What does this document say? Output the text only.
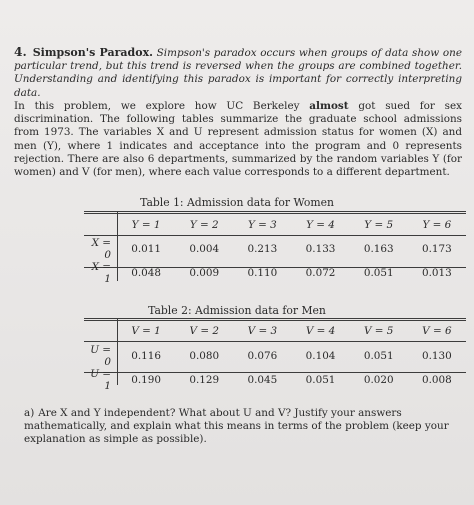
4. Simpson's Paradox. Simpson's paradox occurs when groups of data show one particular trend, but this trend is reversed when the groups are combined together. Understanding and identifying this paradox is important for correctly interpreting data.
In this problem, we explore how UC Berkeley almost got sued for sex discrimination. The following tables summarize the graduate school admissions from 1973. The variables X and U represent admission status for women (X) and men (Y), where 1 indicates and acceptance into the program and 0 represents rejection. There are also 6 departments, summarized by the random variables Y (for women) and V (for men), where each value corresponds to a different department.
Table 1: Admission data for Women
	Y = 1	Y = 2	Y = 3	Y = 4	Y = 5	Y = 6

X = 0	0.011	0.004	0.213	0.133	0.163	0.173
X = 1	0.048	0.009	0.110	0.072	0.051	0.013
Table 2: Admission data for Men
	V = 1	V = 2	V = 3	V = 4	V = 5	V = 6

U = 0	0.116	0.080	0.076	0.104	0.051	0.130
U = 1	0.190	0.129	0.045	0.051	0.020	0.008
a) Are X and Y independent? What about U and V? Justify your answers mathematically, and explain what this means in terms of the problem (keep your explanation as simple as possible).
